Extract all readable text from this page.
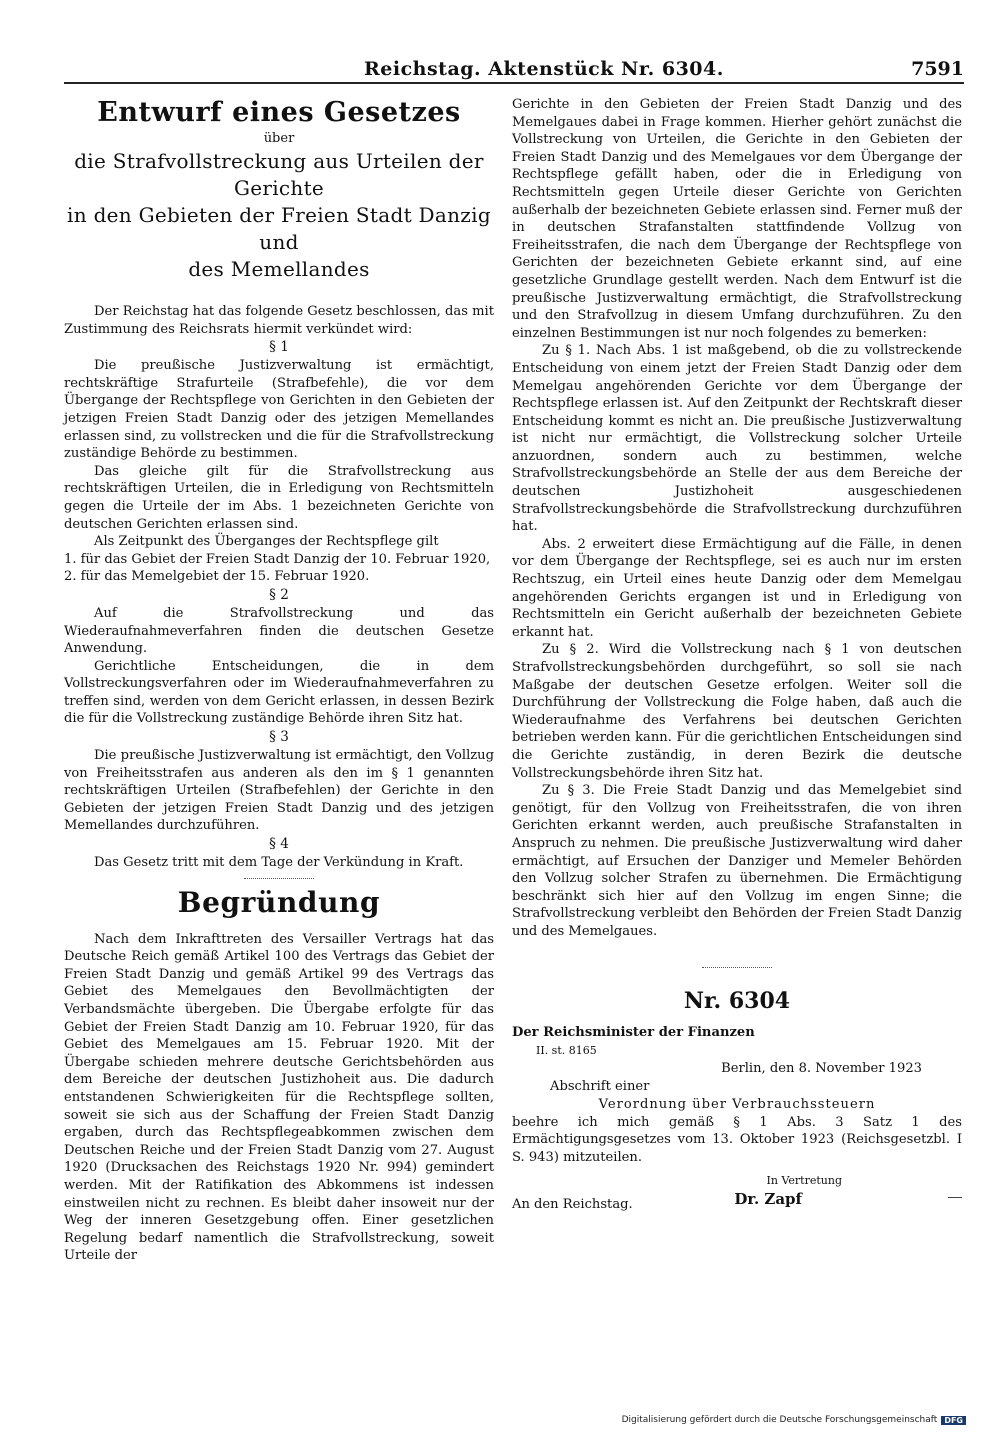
Reichstag. Aktenstück Nr. 6304.	7591

Entwurf eines Gesetzes

über

die Strafvollstreckung aus Urteilen der Gerichte

in den Gebieten der Freien Stadt Danzig und

des Memellandes

Der Reichstag hat das folgende Gesetz beschlossen, das mit Zustimmung des Reichsrats hiermit verkündet wird:

§ 1

Die preußische Justizverwaltung ist ermächtigt, rechtskräftige Strafurteile (Strafbefehle), die vor dem Übergange der Rechtspflege von Gerichten in den Gebieten der jetzigen Freien Stadt Danzig oder des jetzigen Memellandes erlassen sind, zu vollstrecken und die für die Strafvollstreckung zuständige Behörde zu bestimmen.

Das gleiche gilt für die Strafvollstreckung aus rechtskräftigen Urteilen, die in Erledigung von Rechtsmitteln gegen die Urteile der im Abs. 1 bezeichneten Gerichte von deutschen Gerichten erlassen sind.

Als Zeitpunkt des Überganges der Rechtspflege gilt

1. für das Gebiet der Freien Stadt Danzig der 10. Februar 1920,

2. für das Memelgebiet der 15. Februar 1920.

§ 2

Auf die Strafvollstreckung und das Wiederaufnahmeverfahren finden die deutschen Gesetze Anwendung.

Gerichtliche Entscheidungen, die in dem Vollstreckungsverfahren oder im Wiederaufnahmeverfahren zu treffen sind, werden von dem Gericht erlassen, in dessen Bezirk die für die Vollstreckung zuständige Behörde ihren Sitz hat.

§ 3

Die preußische Justizverwaltung ist ermächtigt, den Vollzug von Freiheitsstrafen aus anderen als den im § 1 genannten rechtskräftigen Urteilen (Strafbefehlen) der Gerichte in den Gebieten der jetzigen Freien Stadt Danzig und des jetzigen Memellandes durchzuführen.

§ 4

Das Gesetz tritt mit dem Tage der Verkündung in Kraft.

Begründung

Nach dem Inkrafttreten des Versailler Vertrags hat das Deutsche Reich gemäß Artikel 100 des Vertrags das Gebiet der Freien Stadt Danzig und gemäß Artikel 99 des Vertrags das Gebiet des Memelgaues den Bevollmächtigten der Verbandsmächte übergeben. Die Übergabe erfolgte für das Gebiet der Freien Stadt Danzig am 10. Februar 1920, für das Gebiet des Memelgaues am 15. Februar 1920. Mit der Übergabe schieden mehrere deutsche Gerichtsbehörden aus dem Bereiche der deutschen Justizhoheit aus. Die dadurch entstandenen Schwierigkeiten für die Rechtspflege sollten, soweit sie sich aus der Schaffung der Freien Stadt Danzig ergaben, durch das Rechtspflegeabkommen zwischen dem Deutschen Reiche und der Freien Stadt Danzig vom 27. August 1920 (Drucksachen des Reichstags 1920 Nr. 994) gemindert werden. Mit der Ratifikation des Abkommens ist indessen einstweilen nicht zu rechnen. Es bleibt daher insoweit nur der Weg der inneren Gesetzgebung offen. Einer gesetzlichen Regelung bedarf namentlich die Strafvollstreckung, soweit Urteile der

Gerichte in den Gebieten der Freien Stadt Danzig und des Memelgaues dabei in Frage kommen. Hierher gehört zunächst die Vollstreckung von Urteilen, die Gerichte in den Gebieten der Freien Stadt Danzig und des Memelgaues vor dem Übergange der Rechtspflege gefällt haben, oder die in Erledigung von Rechtsmitteln gegen Urteile dieser Gerichte von Gerichten außerhalb der bezeichneten Gebiete erlassen sind. Ferner muß der in deutschen Strafanstalten stattfindende Vollzug von Freiheitsstrafen, die nach dem Übergange der Rechtspflege von Gerichten der bezeichneten Gebiete erkannt sind, auf eine gesetzliche Grundlage gestellt werden. Nach dem Entwurf ist die preußische Justizverwaltung ermächtigt, die Strafvollstreckung und den Strafvollzug in diesem Umfang durchzuführen. Zu den einzelnen Bestimmungen ist nur noch folgendes zu bemerken:

Zu § 1. Nach Abs. 1 ist maßgebend, ob die zu vollstreckende Entscheidung von einem jetzt der Freien Stadt Danzig oder dem Memelgau angehörenden Gerichte vor dem Übergange der Rechtspflege erlassen ist. Auf den Zeitpunkt der Rechtskraft dieser Entscheidung kommt es nicht an. Die preußische Justizverwaltung ist nicht nur ermächtigt, die Vollstreckung solcher Urteile anzuordnen, sondern auch zu bestimmen, welche Strafvollstreckungsbehörde an Stelle der aus dem Bereiche der deutschen Justizhoheit ausgeschiedenen Strafvollstreckungsbehörde die Strafvollstreckung durchzuführen hat.

Abs. 2 erweitert diese Ermächtigung auf die Fälle, in denen vor dem Übergange der Rechtspflege, sei es auch nur im ersten Rechtszug, ein Urteil eines heute Danzig oder dem Memelgau angehörenden Gerichts ergangen ist und in Erledigung von Rechtsmitteln ein Gericht außerhalb der bezeichneten Gebiete erkannt hat.

Zu § 2. Wird die Vollstreckung nach § 1 von deutschen Strafvollstreckungsbehörden durchgeführt, so soll sie nach Maßgabe der deutschen Gesetze erfolgen. Weiter soll die Durchführung der Vollstreckung die Folge haben, daß auch die Wiederaufnahme des Verfahrens bei deutschen Gerichten betrieben werden kann. Für die gerichtlichen Entscheidungen sind die Gerichte zuständig, in deren Bezirk die deutsche Vollstreckungsbehörde ihren Sitz hat.

Zu § 3. Die Freie Stadt Danzig und das Memelgebiet sind genötigt, für den Vollzug von Freiheitsstrafen, die von ihren Gerichten erkannt werden, auch preußische Strafanstalten in Anspruch zu nehmen. Die preußische Justizverwaltung wird daher ermächtigt, auf Ersuchen der Danziger und Memeler Behörden den Vollzug solcher Strafen zu übernehmen. Die Ermächtigung beschränkt sich hier auf den Vollzug im engen Sinne; die Strafvollstreckung verbleibt den Behörden der Freien Stadt Danzig und des Memelgaues.

Nr. 6304

Der Reichsminister der Finanzen

II. st. 8165

Berlin, den 8. November 1923

Abschrift einer

Verordnung über Verbrauchssteuern

beehre ich mich gemäß § 1 Abs. 3 Satz 1 des Ermächtigungsgesetzes vom 13. Oktober 1923 (Reichsgesetzbl. I S. 943) mitzuteilen.

In Vertretung

An den Reichstag.	Dr. Zapf
Digitalisierung gefördert durch die Deutsche Forschungsgemeinschaft DFG
